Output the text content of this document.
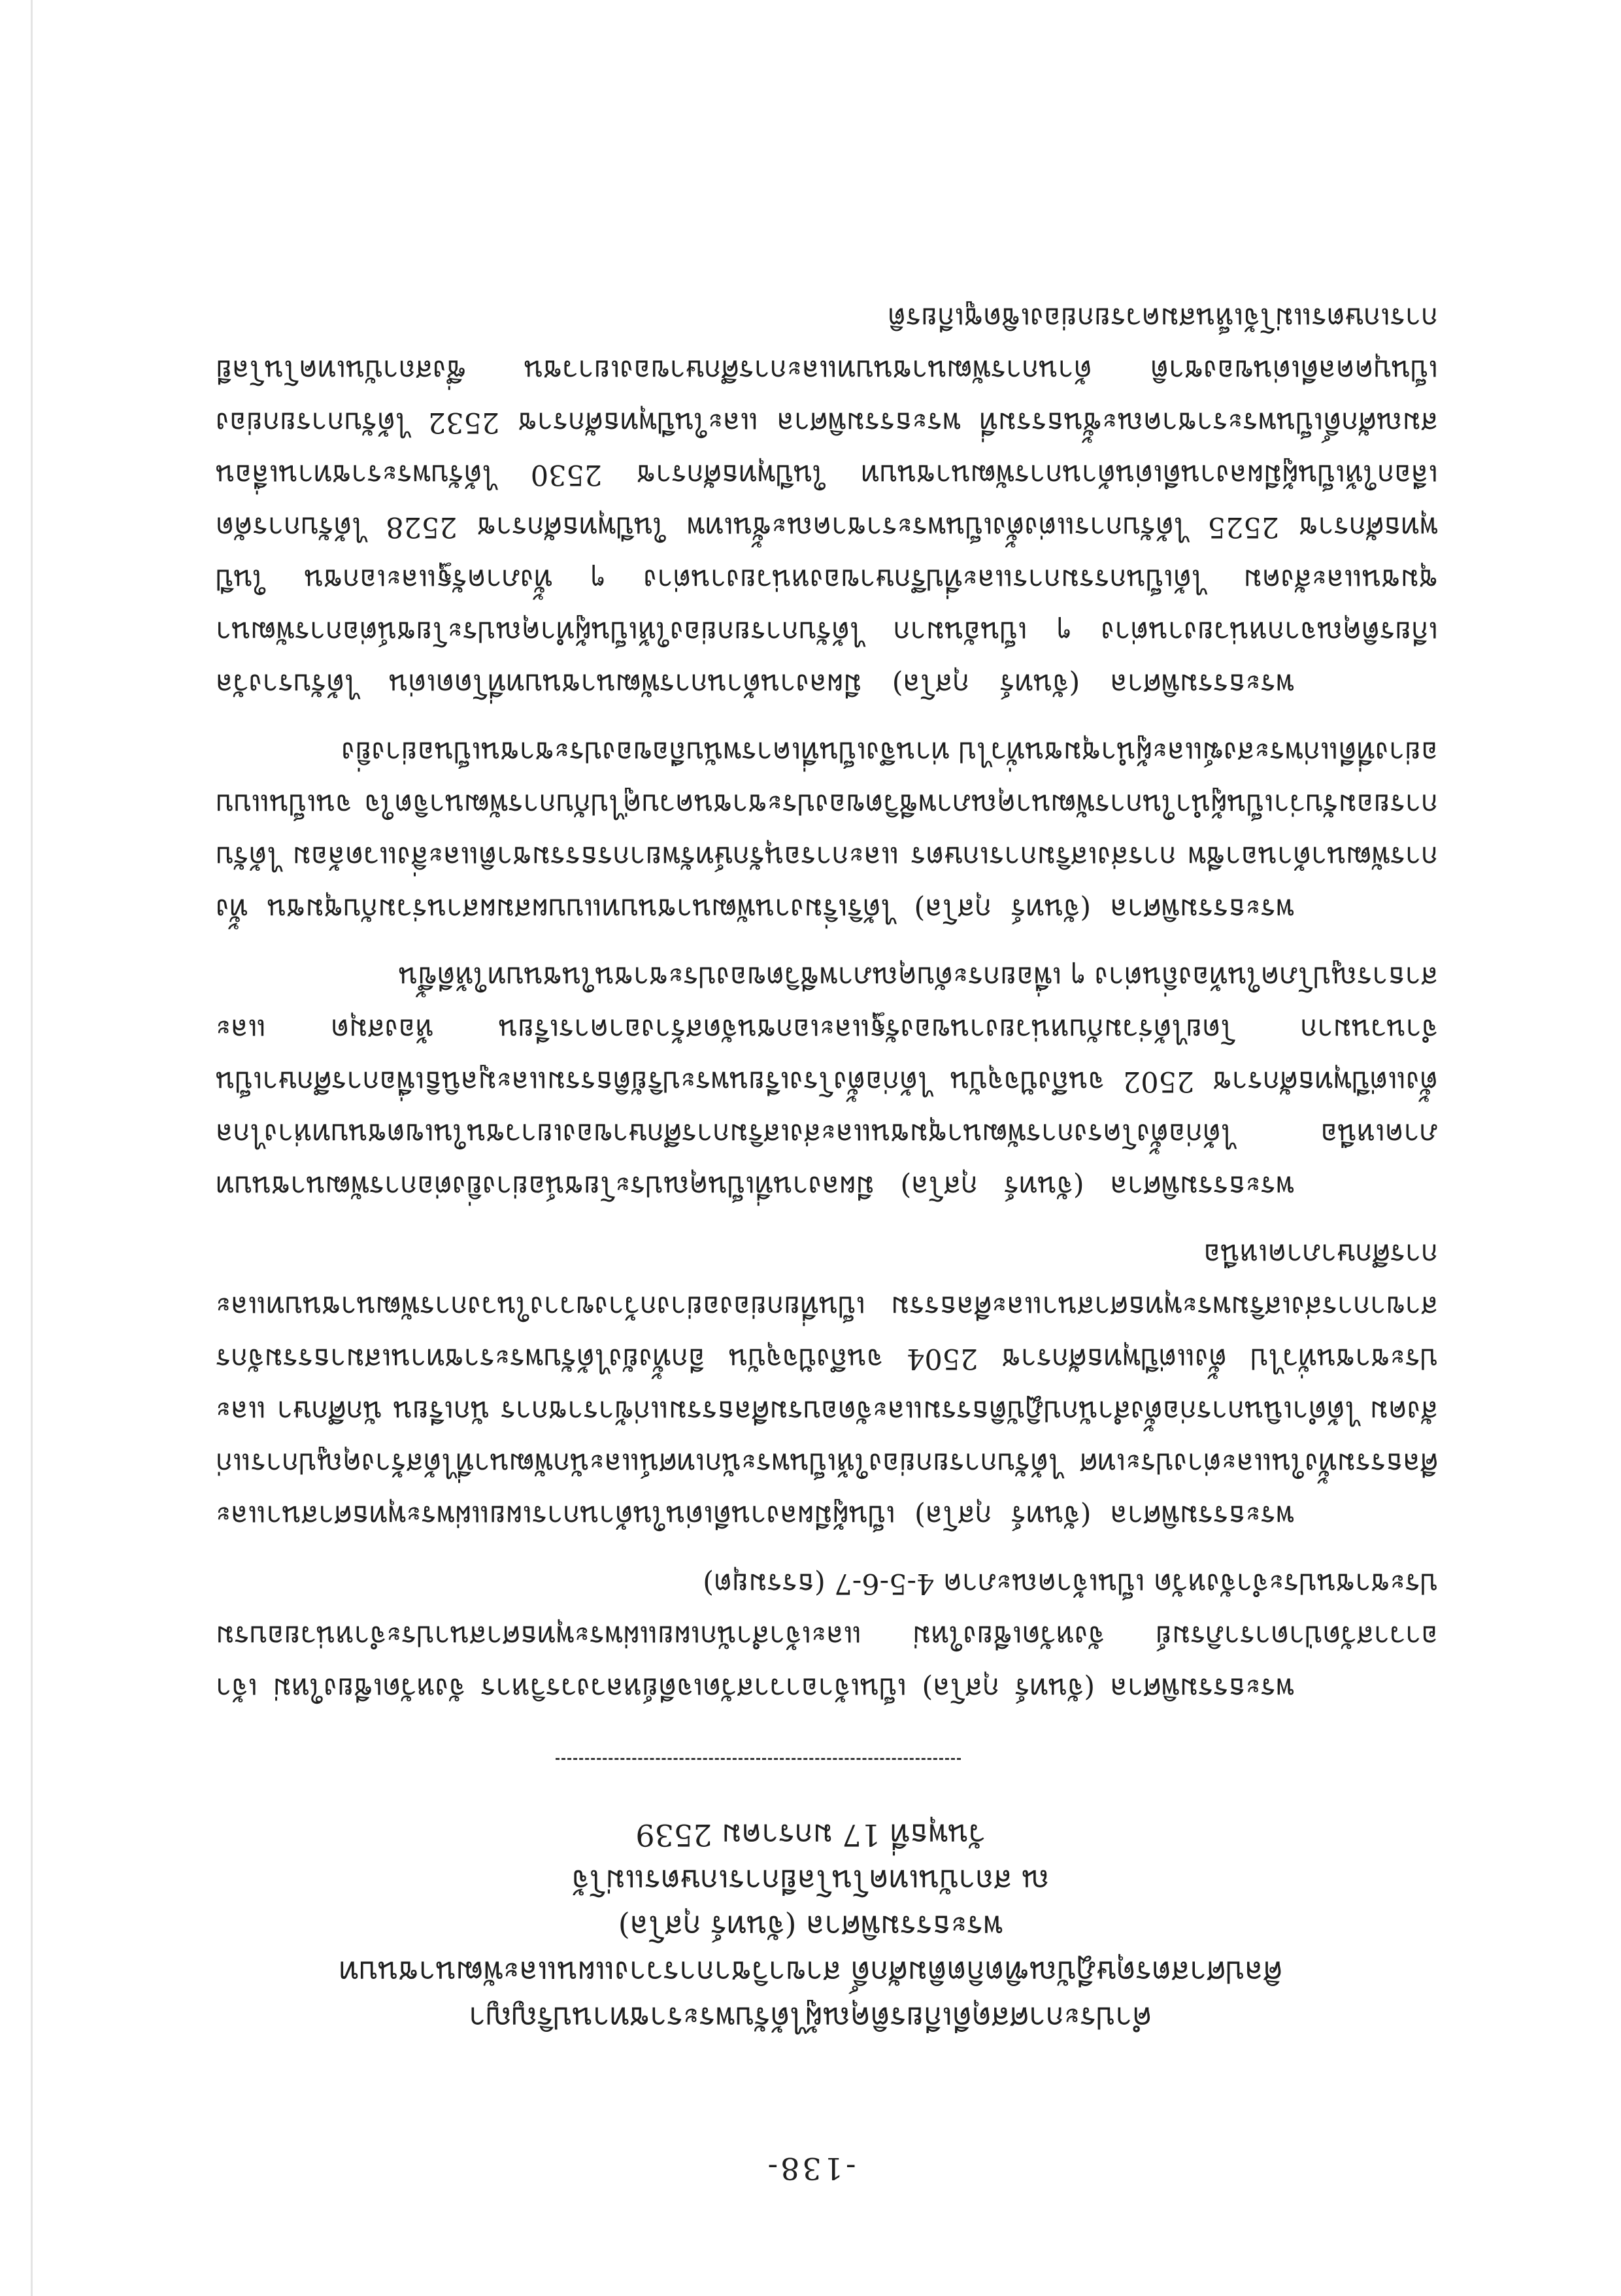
-138-

คำประกาศสดุดีเกียรติคุณผู้ได้รับพระราชทานปริญญา

ศิลปศาสตรดุษฎีบัณฑิตกิตติมศักดิ์ สาขาวิชาการวางแผนและพัฒนาชนบท

พระธรรมพิศาล (จันทร์ กุสโล)

ณ สถาบันเทคโนโลยีการเกษตรแม่โจ้

วันพุธที่ 17 มกราคม 2539

พระธรรมพิศาล (จันทร์ กุสโล) เป็นเจ้าอาวาสวัดเจดีย์หลวงวรวิหาร จังหวัดเชียงใหม่ เจ้าอาวาสวัดป่าดาราภิรมย์ จังหวัดเชียงใหม่ และเจ้าสำนักเผยแผ่พระพุทธศาสนาประจำหน่วยอบรมประชาชนประจำจังหวัด เป็นเจ้าคณะภาค 4-5-6-7 (ธรรมยุต)

พระธรรมพิศาล (จันทร์ กุสโล) เป็นผู้มีผลงานดีเด่นในด้านการเผยแผ่พระพุทธศาสนาและศีลธรรมทั้งในและต่างประเทศ ได้รับการยกย่องให้เป็นพระนักเทศน์และนักพัฒนาที่ได้สร้างคุณูปการแก่สังคม ได้ดำเนินการก่อตั้งสำนักปฏิบัติธรรมและจัดอบรมศีลธรรมแก่ข้าราชการ นักเรียน นักศึกษา และประชาชนทั่วไป ตั้งแต่ปีพุทธศักราช 2504 จนถึงปัจจุบัน อีกทั้งยังได้รับพระราชทานเสมาธรรมจักรสาขาการส่งเสริมพระพุทธศาสนาและศีลธรรม เป็นที่ยกย่องอย่างกว้างขวางในวงการพัฒนาชนบทและการศึกษาภาคเหนือ

พระธรรมพิศาล (จันทร์ กุสโล) มีผลงานที่เป็นคุณประโยชน์อย่างยิ่งต่อการพัฒนาชนบทภาคเหนือ ได้ก่อตั้งโครงการพัฒนาชุมชนและส่งเสริมการศึกษาของเยาวชนในเขตชนบทห่างไกล ตั้งแต่ปีพุทธศักราช 2502 จนถึงปัจจุบัน ได้ก่อตั้งโรงเรียนพระปริยัติธรรมและมูลนิธิเพื่อการศึกษาเป็นจำนวนมาก โดยได้ร่วมกับหน่วยงานของรัฐและเอกชนจัดสร้างอาคารเรียน ห้องสมุด และสาธารณูปโภคในท้องถิ่นต่าง ๆ เพื่อยกระดับคุณภาพชีวิตของประชาชนในชนบทให้ดีขึ้น

พระธรรมพิศาล (จันทร์ กุสโล) ได้ริเริ่มงานพัฒนาชนบทแบบผสมผสานร่วมกับชุมชน ทั้งการพัฒนาด้านอาชีพ การส่งเสริมการเกษตร และการอนุรักษ์ทรัพยากรธรรมชาติและสิ่งแวดล้อม ได้รับการยอมรับว่าเป็นผู้นำในการพัฒนาคุณภาพชีวิตของประชาชนควบคู่ไปกับการพัฒนาจิตใจ จนเป็นแบบอย่างที่ดีแก่พระสงฆ์และผู้นำชุมชนทั่วไป ท่านจึงเป็นที่เคารพนับถือของประชาชนเป็นอย่างยิ่ง

พระธรรมพิศาล (จันทร์ กุสโล) มีผลงานด้านการพัฒนาชนบทที่โดดเด่น ได้รับรางวัลเกียรติคุณจากหน่วยงานต่าง ๆ เป็นอันมาก ได้รับการยกย่องให้เป็นผู้ทำคุณประโยชน์ต่อการพัฒนาชุมชนและสังคม ได้เป็นกรรมการและที่ปรึกษาของหน่วยงานต่าง ๆ ทั้งภาครัฐและเอกชน ในปีพุทธศักราช 2525 ได้รับการแต่งตั้งเป็นพระราชาคณะชั้นเทพ ในปีพุทธศักราช 2528 ได้รับการคัดเลือกให้เป็นผู้มีผลงานดีเด่นด้านการพัฒนาชนบท ในปีพุทธศักราช 2530 ได้รับพระราชทานเลื่อนสมณศักดิ์เป็นพระราชาคณะชั้นธรรมที่ พระธรรมพิศาล และในปีพุทธศักราช 2532 ได้รับการยกย่องเป็นบุคคลดีเด่นของชาติ ด้านการพัฒนาชนบทและการศึกษาของเยาวชน ซึ่งสถาบันเทคโนโลยีการเกษตรแม่โจ้เห็นสมควรยกย่องเชิดชูเกียรติ
